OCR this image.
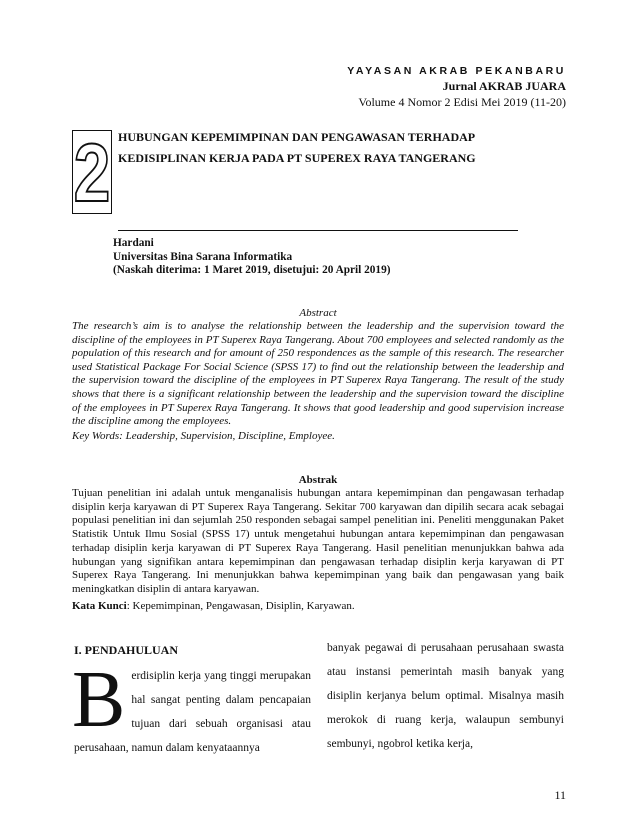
YAYASAN AKRAB PEKANBARU
Jurnal AKRAB JUARA
Volume 4 Nomor 2 Edisi Mei 2019 (11-20)
2 HUBUNGAN KEPEMIMPINAN DAN PENGAWASAN TERHADAP
KEDISIPLINAN KERJA PADA PT SUPEREX RAYA TANGERANG
Hardani
Universitas Bina Sarana Informatika
(Naskah diterima: 1 Maret 2019, disetujui: 20 April 2019)
Abstract
The research’s aim is to analyse the relationship between the leadership and the supervision toward the discipline of the employees in PT Superex Raya Tangerang. About 700 employees and selected randomly as the population of this research and for amount of 250 respondences as the sample of this research. The researcher used Statistical Package For Social Science (SPSS 17) to find out the relationship between the leadership and the supervision toward the discipline of the employees in PT Superex Raya Tangerang. The result of the study shows that there is a significant relationship between the leadership and the supervision toward the discipline of the employees in PT Superex Raya Tangerang. It shows that good leadership and good supervision increase the discipline among the employees.
Key Words: Leadership, Supervision, Discipline, Employee.
Abstrak
Tujuan penelitian ini adalah untuk menganalisis hubungan antara kepemimpinan dan pengawasan terhadap disiplin kerja karyawan di PT Superex Raya Tangerang. Sekitar 700 karyawan dan dipilih secara acak sebagai populasi penelitian ini dan sejumlah 250 responden sebagai sampel penelitian ini. Peneliti menggunakan Paket Statistik Untuk Ilmu Sosial (SPSS 17) untuk mengetahui hubungan antara kepemimpinan dan pengawasan terhadap disiplin kerja karyawan di PT Superex Raya Tangerang. Hasil penelitian menunjukkan bahwa ada hubungan yang signifikan antara kepemimpinan dan pengawasan terhadap disiplin kerja karyawan di PT Superex Raya Tangerang. Ini menunjukkan bahwa kepemimpinan yang baik dan pengawasan yang baik meningkatkan disiplin di antara karyawan.
Kata Kunci: Kepemimpinan, Pengawasan, Disiplin, Karyawan.
I. PENDAHULUAN
B erdisiplin kerja yang tinggi merupakan hal sangat penting dalam pencapaian tujuan dari sebuah organisasi atau perusahaan, namun dalam kenyataannya
banyak pegawai di perusahaan perusahaan swasta atau instansi pemerintah masih banyak yang disiplin kerjanya belum optimal. Misalnya masih merokok di ruang kerja, walaupun sembunyi sembunyi, ngobrol ketika kerja,
11
